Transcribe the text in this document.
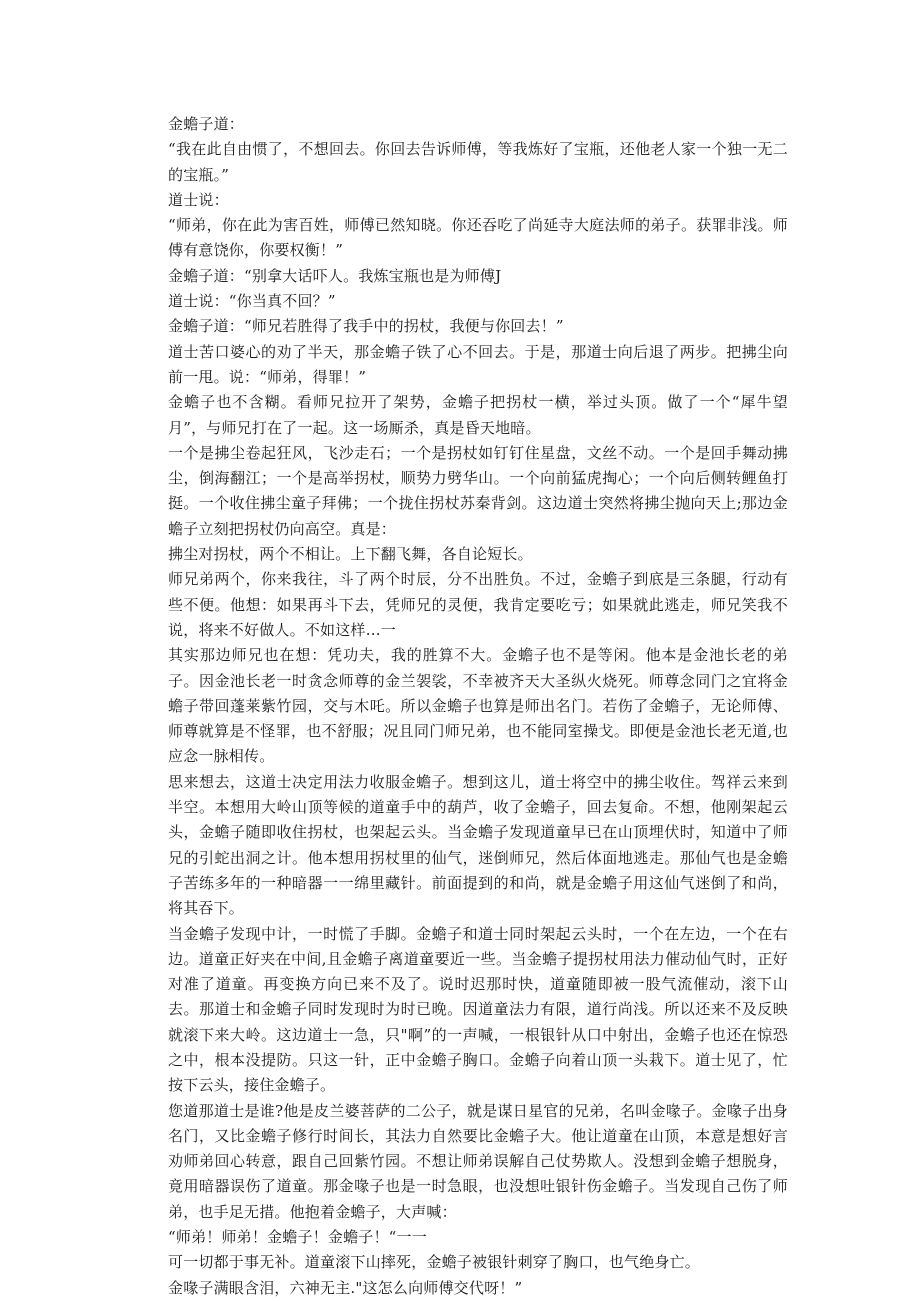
金蟾子道：

“我在此自由惯了，不想回去。你回去告诉师傅，等我炼好了宝瓶，还他老人家一个独一无二的宝瓶。”

道士说：

“师弟，你在此为害百姓，师傅已然知晓。你还吞吃了尚延寺大庭法师的弟子。获罪非浅。师傅有意饶你，你要权衡！”

金蟾子道：“别拿大话吓人。我炼宝瓶也是为师傅J

道士说：“你当真不回？”

金蟾子道：“师兄若胜得了我手中的拐杖，我便与你回去！”

道士苦口婆心的劝了半天，那金蟾子铁了心不回去。于是，那道士向后退了两步。把拂尘向前一甩。说：“师弟，得罪！”

金蟾子也不含糊。看师兄拉开了架势，金蟾子把拐杖一横，举过头顶。做了一个“犀牛望月”，与师兄打在了一起。这一场厮杀，真是昏天地暗。

一个是拂尘卷起狂风，飞沙走石；一个是拐杖如钉钉住星盘，文丝不动。一个是回手舞动拂尘，倒海翻江；一个是高举拐杖，顺势力劈华山。一个向前猛虎掏心；一个向后侧转鲤鱼打挺。一个收住拂尘童子拜佛；一个拢住拐杖苏秦背剑。这边道士突然将拂尘抛向天上;那边金蟾子立刻把拐杖仍向高空。真是：

拂尘对拐杖，两个不相让。上下翻飞舞，各自论短长。

师兄弟两个，你来我往，斗了两个时辰，分不出胜负。不过，金蟾子到底是三条腿，行动有些不便。他想：如果再斗下去，凭师兄的灵便，我肯定要吃亏；如果就此逃走，师兄笑我不说，将来不好做人。不如这样…一

其实那边师兄也在想：凭功夫，我的胜算不大。金蟾子也不是等闲。他本是金池长老的弟子。因金池长老一时贪念师尊的金兰袈裟，不幸被齐天大圣纵火烧死。师尊念同门之宜将金蟾子带回蓬莱紫竹园，交与木吒。所以金蟾子也算是师出名门。若伤了金蟾子，无论师傅、师尊就算是不怪罪，也不舒服；况且同门师兄弟，也不能同室操戈。即便是金池长老无道,也应念一脉相传。

思来想去，这道士决定用法力收服金蟾子。想到这儿，道士将空中的拂尘收住。驾祥云来到半空。本想用大岭山顶等候的道童手中的葫芦，收了金蟾子，回去复命。不想，他刚架起云头，金蟾子随即收住拐杖，也架起云头。当金蟾子发现道童早已在山顶埋伏时，知道中了师兄的引蛇出洞之计。他本想用拐杖里的仙气，迷倒师兄，然后体面地逃走。那仙气也是金蟾子苦练多年的一种暗器一一绵里藏针。前面提到的和尚，就是金蟾子用这仙气迷倒了和尚，将其吞下。

当金蟾子发现中计，一时慌了手脚。金蟾子和道士同时架起云头时，一个在左边，一个在右边。道童正好夹在中间,且金蟾子离道童要近一些。当金蟾子提拐杖用法力催动仙气时，正好对准了道童。再变换方向已来不及了。说时迟那时快，道童随即被一股气流催动，滚下山去。那道士和金蟾子同时发现时为时已晚。因道童法力有限，道行尚浅。所以还来不及反映就滚下来大岭。这边道士一急，只"啊”的一声喊，一根银针从口中射出，金蟾子也还在惊恐之中，根本没提防。只这一针，正中金蟾子胸口。金蟾子向着山顶一头栽下。道士见了，忙按下云头，接住金蟾子。

您道那道士是谁?他是皮兰婆菩萨的二公子，就是谋日星官的兄弟，名叫金喙子。金喙子出身名门，又比金蟾子修行时间长，其法力自然要比金蟾子大。他让道童在山顶，本意是想好言劝师弟回心转意，跟自己回紫竹园。不想让师弟误解自己仗势欺人。没想到金蟾子想脱身，竟用暗器误伤了道童。那金喙子也是一时急眼，也没想吐银针伤金蟾子。当发现自己伤了师弟，也手足无措。他抱着金蟾子，大声喊：

“师弟！师弟！金蟾子！金蟾子！“一一

可一切都于事无补。道童滚下山摔死，金蟾子被银针刺穿了胸口，也气绝身亡。

金喙子满眼含泪，六神无主."这怎么向师傅交代呀！”
